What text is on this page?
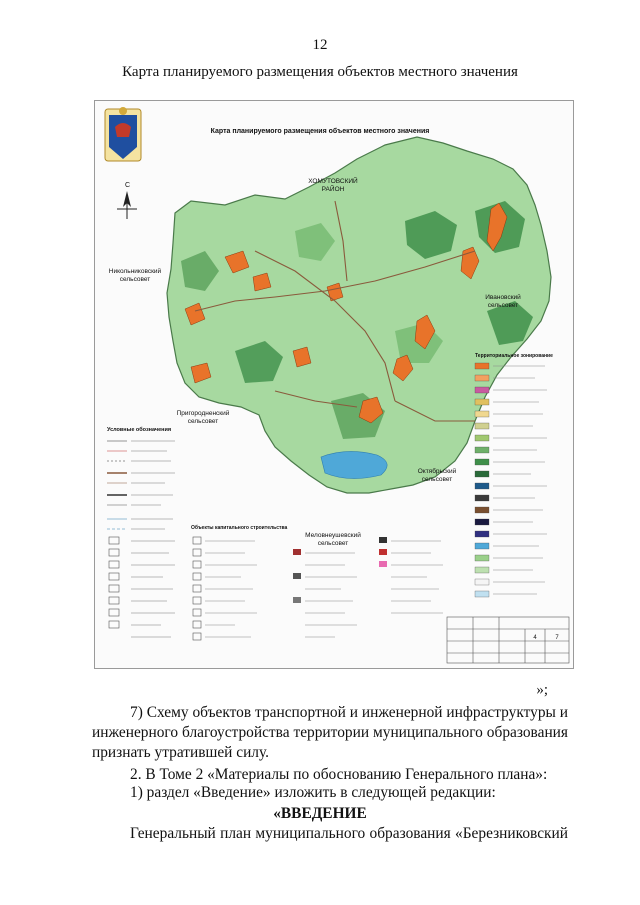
12
Карта планируемого размещения объектов местного значения
Карта планируемого размещения объектов местного значения
С
ХОМУТОВСКИЙ
РАЙОН
Никольниковский
сельсовет
Ивановский
сельсовет
Пригородненский
сельсовет
Октябрьский
сельсовет
Меловнеушевский
сельсовет
Условные обозначения
Объекты капитального строительства
Территориальное зонирование
4	7
»;
7) Схему объектов транспортной и инженерной инфраструктуры и
инженерного благоустройства территории муниципального образования
признать утратившей силу.
2. В Томе 2 «Материалы по обоснованию Генерального плана»:
1) раздел «Введение» изложить в следующей редакции:
«ВВЕДЕНИЕ
Генеральный план муниципального образования «Березниковский
